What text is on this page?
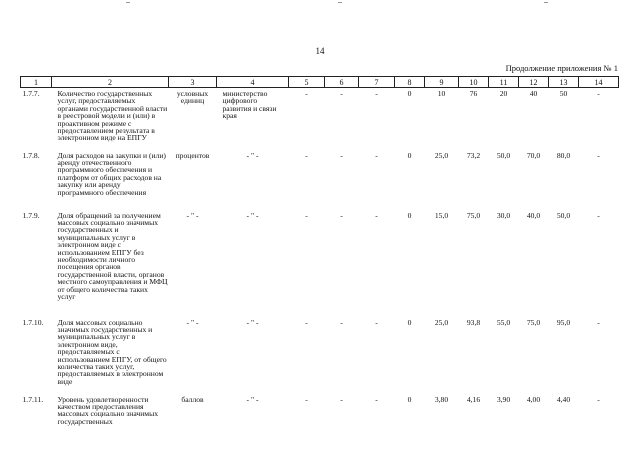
14
Продолжение приложения № 1
1	2	3	4	5	6	7	8	9	10	11	12	13	14
1.7.7.	Количество государственных услуг, предоставляемых органами государственной власти в реестровой модели и (или) в проактивном режиме с предоставлением результата в электронном виде на ЕПГУ	условных единиц	министерство цифрового развития и связи края	-	-	-	0	10	76	20	40	50	-
1.7.8.	Доля расходов на закупки и (или) аренду отечественного программного обеспечения и платформ от общих расходов на закупку или аренду программного обеспечения	процентов	- " -	-	-	-	0	25,0	73,2	50,0	70,0	80,0	-
1.7.9.	Доля обращений за получением массовых социально значимых государственных и муниципальных услуг в электронном виде с использованием ЕПГУ без необходимости личного посещения органов государственной власти, органов местного самоуправления и МФЦ от общего количества таких услуг	- " -	- " -	-	-	-	0	15,0	75,0	30,0	40,0	50,0	-
1.7.10.	Доля массовых социально значимых государственных и муниципальных услуг в электронном виде, предоставляемых с использованием ЕПГУ, от общего количества таких услуг, предоставляемых в электронном виде	- " -	- " -	-	-	-	0	25,0	93,8	55,0	75,0	95,0	-
1.7.11.	Уровень удовлетворенности качеством предоставления массовых социально значимых государственных	баллов	- " -	-	-	-	0	3,80	4,16	3,90	4,00	4,40	-
